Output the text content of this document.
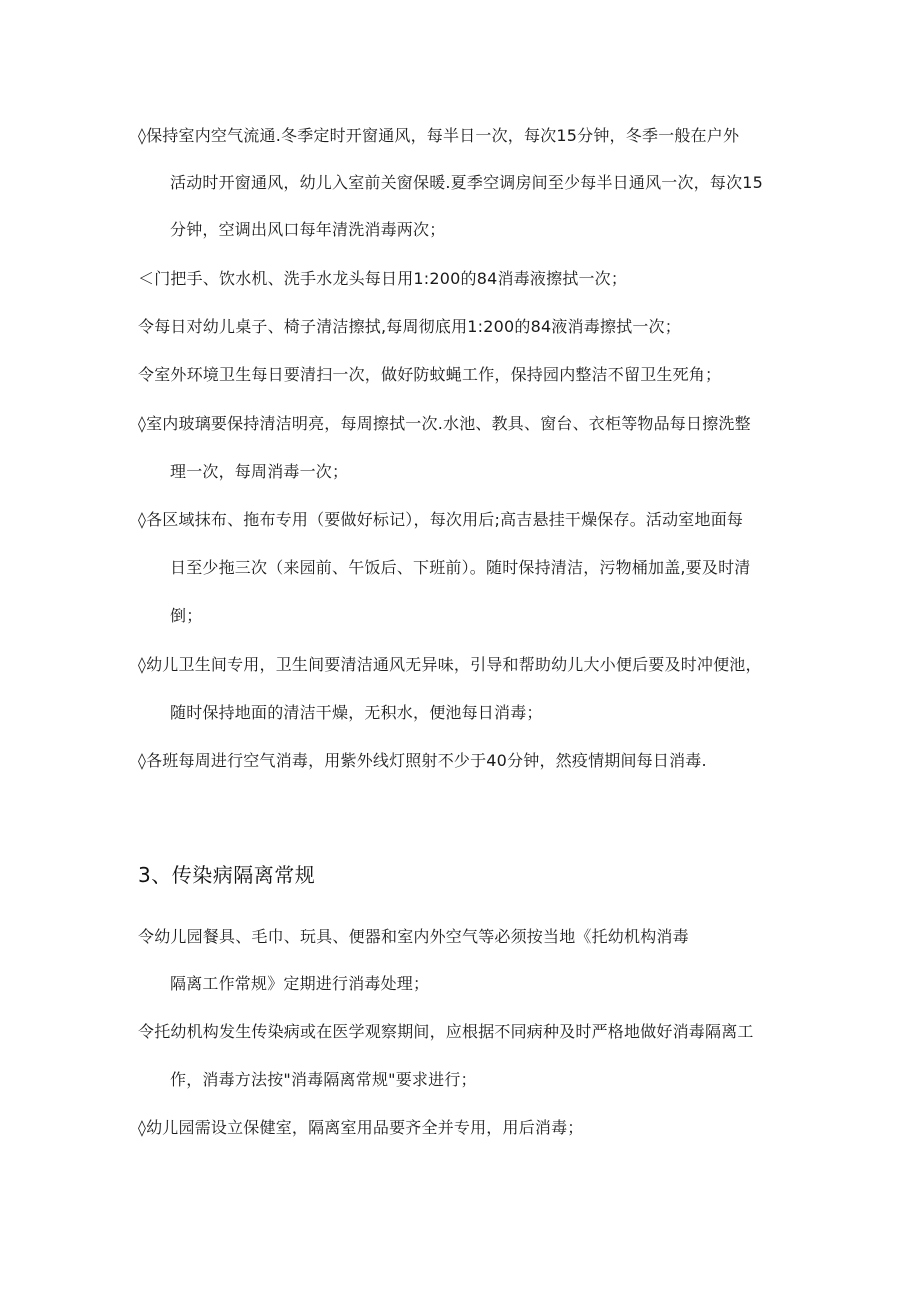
◊保持室内空气流通.冬季定时开窗通风，每半日一次，每次15分钟，冬季一般在户外
活动时开窗通风，幼儿入室前关窗保暖.夏季空调房间至少每半日通风一次，每次15
分钟，空调出风口每年清洗消毒两次；
＜门把手、饮水机、洗手水龙头每日用1:200的84消毒液擦拭一次；
令每日对幼儿桌子、椅子清洁擦拭,每周彻底用1:200的84液消毒擦拭一次；
令室外环境卫生每日要清扫一次，做好防蚊蝇工作，保持园内整洁不留卫生死角；
◊室内玻璃要保持清洁明亮，每周擦拭一次.水池、教具、窗台、衣柜等物品每日擦洗整
理一次，每周消毒一次；
◊各区域抹布、拖布专用（要做好标记），每次用后;高吉悬挂干燥保存。活动室地面每
日至少拖三次（来园前、午饭后、下班前）。随时保持清洁，污物桶加盖,要及时清
倒；
◊幼儿卫生间专用，卫生间要清洁通风无异味，引导和帮助幼儿大小便后要及时冲便池，
随时保持地面的清洁干燥，无积水，便池每日消毒；
◊各班每周进行空气消毒，用紫外线灯照射不少于40分钟，然疫情期间每日消毒.
3、传染病隔离常规
令幼儿园餐具、毛巾、玩具、便器和室内外空气等必须按当地《托幼机构消毒
隔离工作常规》定期进行消毒处理；
令托幼机构发生传染病或在医学观察期间，应根据不同病种及时严格地做好消毒隔离工
作，消毒方法按"消毒隔离常规"要求进行；
◊幼儿园需设立保健室，隔离室用品要齐全并专用，用后消毒；
